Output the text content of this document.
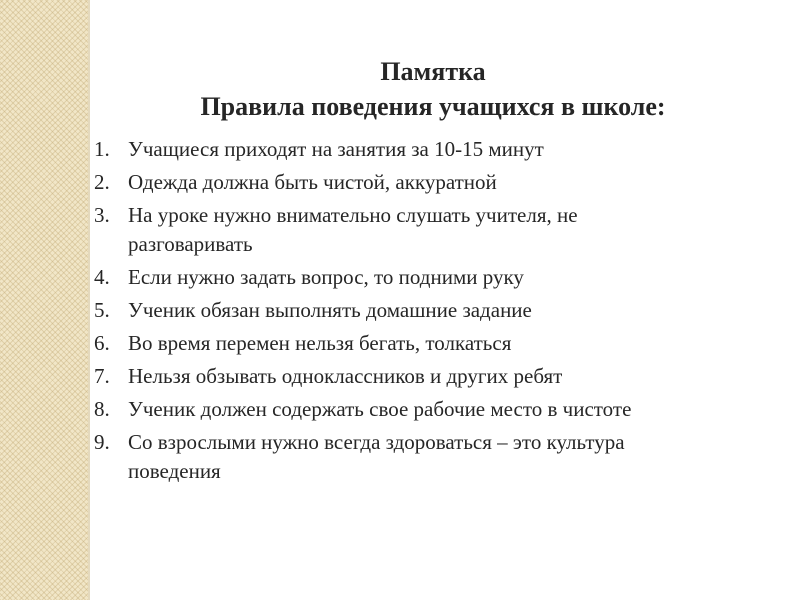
Памятка
Правила поведения учащихся в школе:
1. Учащиеся приходят на занятия за 10-15 минут
2. Одежда должна быть чистой, аккуратной
3. На уроке нужно внимательно слушать учителя, не разговаривать
4. Если нужно задать вопрос, то подними руку
5. Ученик обязан выполнять домашние задание
6. Во время перемен нельзя бегать, толкаться
7. Нельзя обзывать одноклассников и других ребят
8. Ученик должен содержать свое рабочие место в чистоте
9. Со взрослыми нужно всегда здороваться – это культура поведения
